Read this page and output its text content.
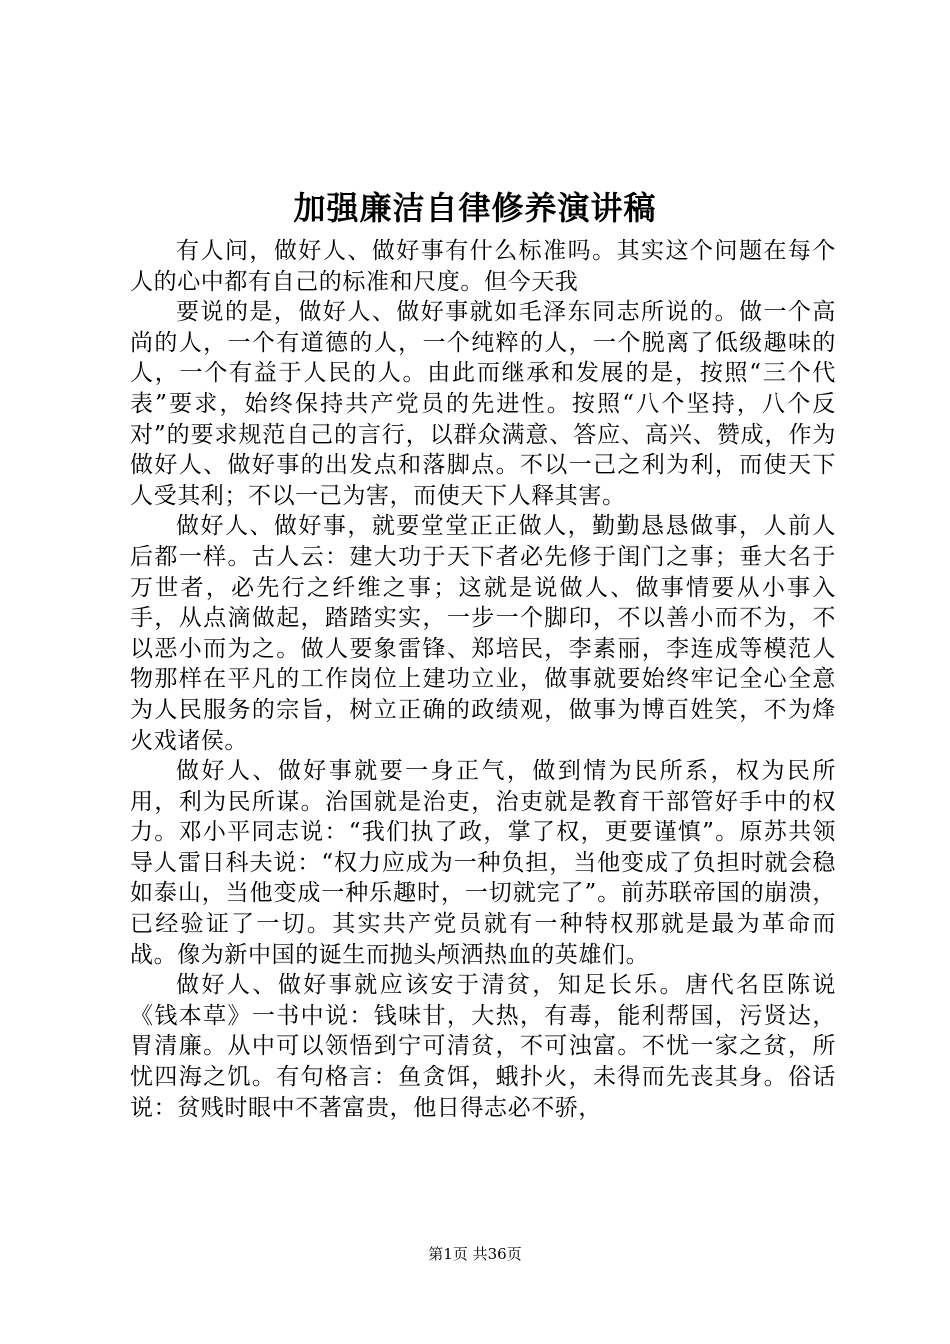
加强廉洁自律修养演讲稿

有人问，做好人、做好事有什么标准吗。其实这个问题在每个人的心中都有自己的标准和尺度。但今天我

要说的是，做好人、做好事就如毛泽东同志所说的。做一个高尚的人，一个有道德的人，一个纯粹的人，一个脱离了低级趣味的人，一个有益于人民的人。由此而继承和发展的是，按照“三个代表”要求，始终保持共产党员的先进性。按照“八个坚持，八个反对”的要求规范自己的言行，以群众满意、答应、高兴、赞成，作为做好人、做好事的出发点和落脚点。不以一己之利为利，而使天下人受其利；不以一己为害，而使天下人释其害。

做好人、做好事，就要堂堂正正做人，勤勤恳恳做事，人前人后都一样。古人云：建大功于天下者必先修于闺门之事；垂大名于万世者，必先行之纤维之事；这就是说做人、做事情要从小事入手，从点滴做起，踏踏实实，一步一个脚印，不以善小而不为，不以恶小而为之。做人要象雷锋、郑培民，李素丽，李连成等模范人物那样在平凡的工作岗位上建功立业，做事就要始终牢记全心全意为人民服务的宗旨，树立正确的政绩观，做事为博百姓笑，不为烽火戏诸侯。

做好人、做好事就要一身正气，做到情为民所系，权为民所用，利为民所谋。治国就是治吏，治吏就是教育干部管好手中的权力。邓小平同志说：“我们执了政，掌了权，更要谨慎”。原苏共领导人雷日科夫说：“权力应成为一种负担，当他变成了负担时就会稳如泰山，当他变成一种乐趣时，一切就完了”。前苏联帝国的崩溃，已经验证了一切。其实共产党员就有一种特权那就是最为革命而战。像为新中国的诞生而抛头颅洒热血的英雄们。

做好人、做好事就应该安于清贫，知足长乐。唐代名臣陈说《钱本草》一书中说：钱味甘，大热，有毒，能利帮国，污贤达，胃清廉。从中可以领悟到宁可清贫，不可浊富。不忧一家之贫，所忧四海之饥。有句格言：鱼贪饵，蛾扑火，未得而先丧其身。俗话说：贫贱时眼中不著富贵，他日得志必不骄，

第1页 共36页
